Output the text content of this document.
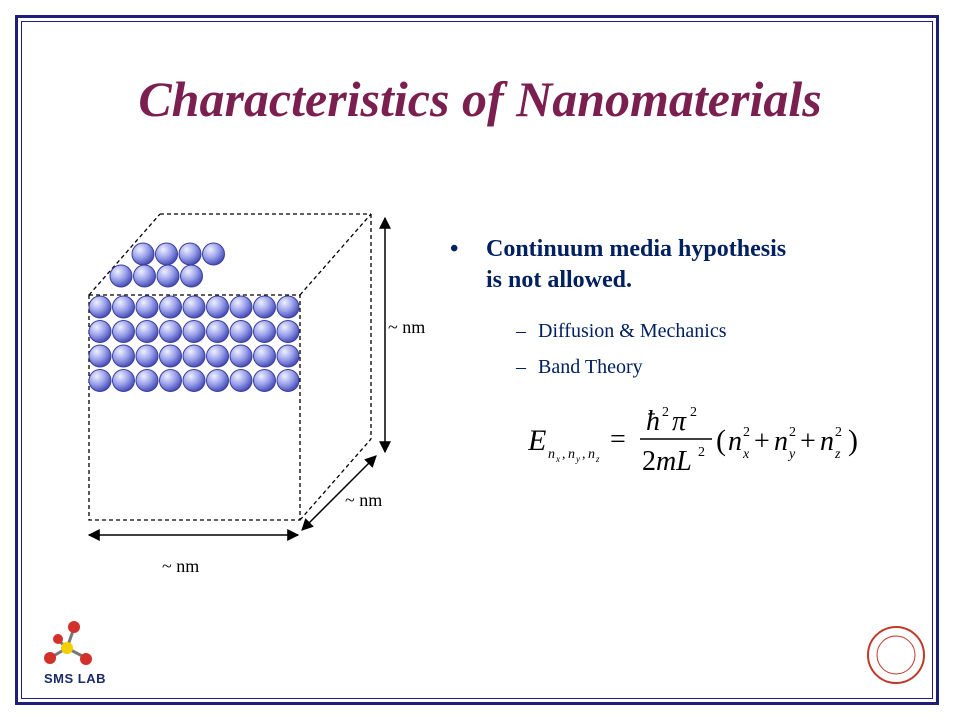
Characteristics of Nanomaterials
~ nm
~ nm
~ nm
•	Continuum media hypothesis
is not allowed.
– Diffusion & Mechanics
– Band Theory
E n x , n y , n z
=
ħ 2 π 2
2 mL 2 ( n 2
x + n 2
y + n 2
z )
SMS LAB
